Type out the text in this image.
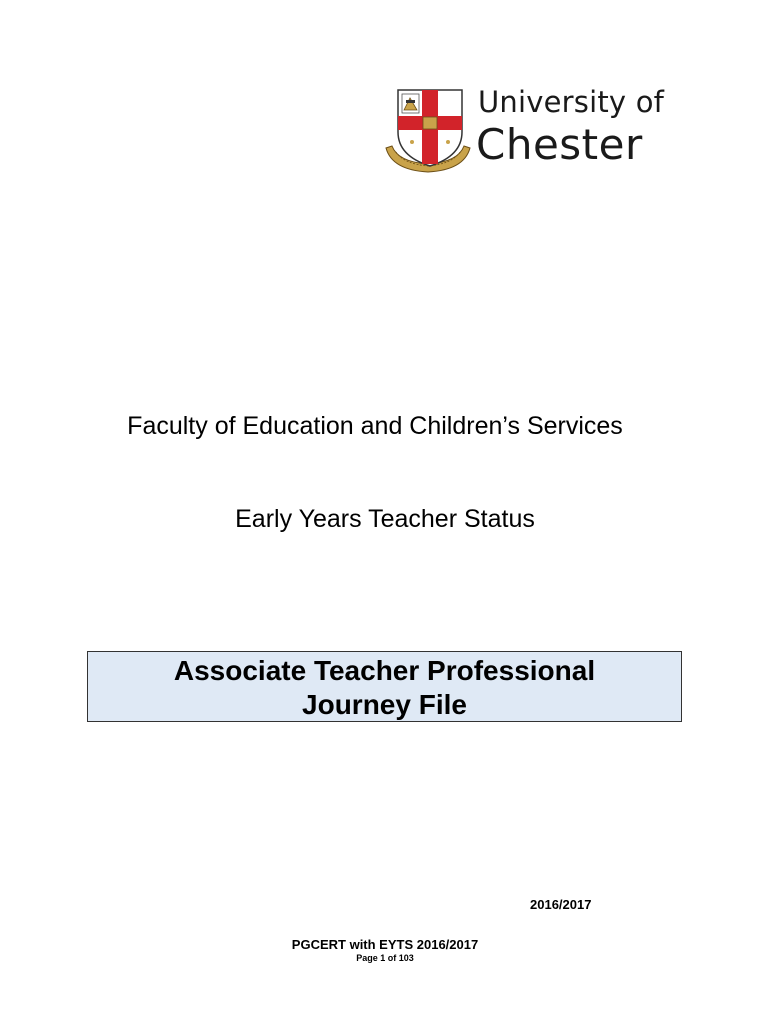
University of
Chester
Faculty of Education and Children’s Services
Early Years Teacher Status
Associate Teacher Professional
Journey File
2016/2017
PGCERT with EYTS 2016/2017
Page 1 of 103
